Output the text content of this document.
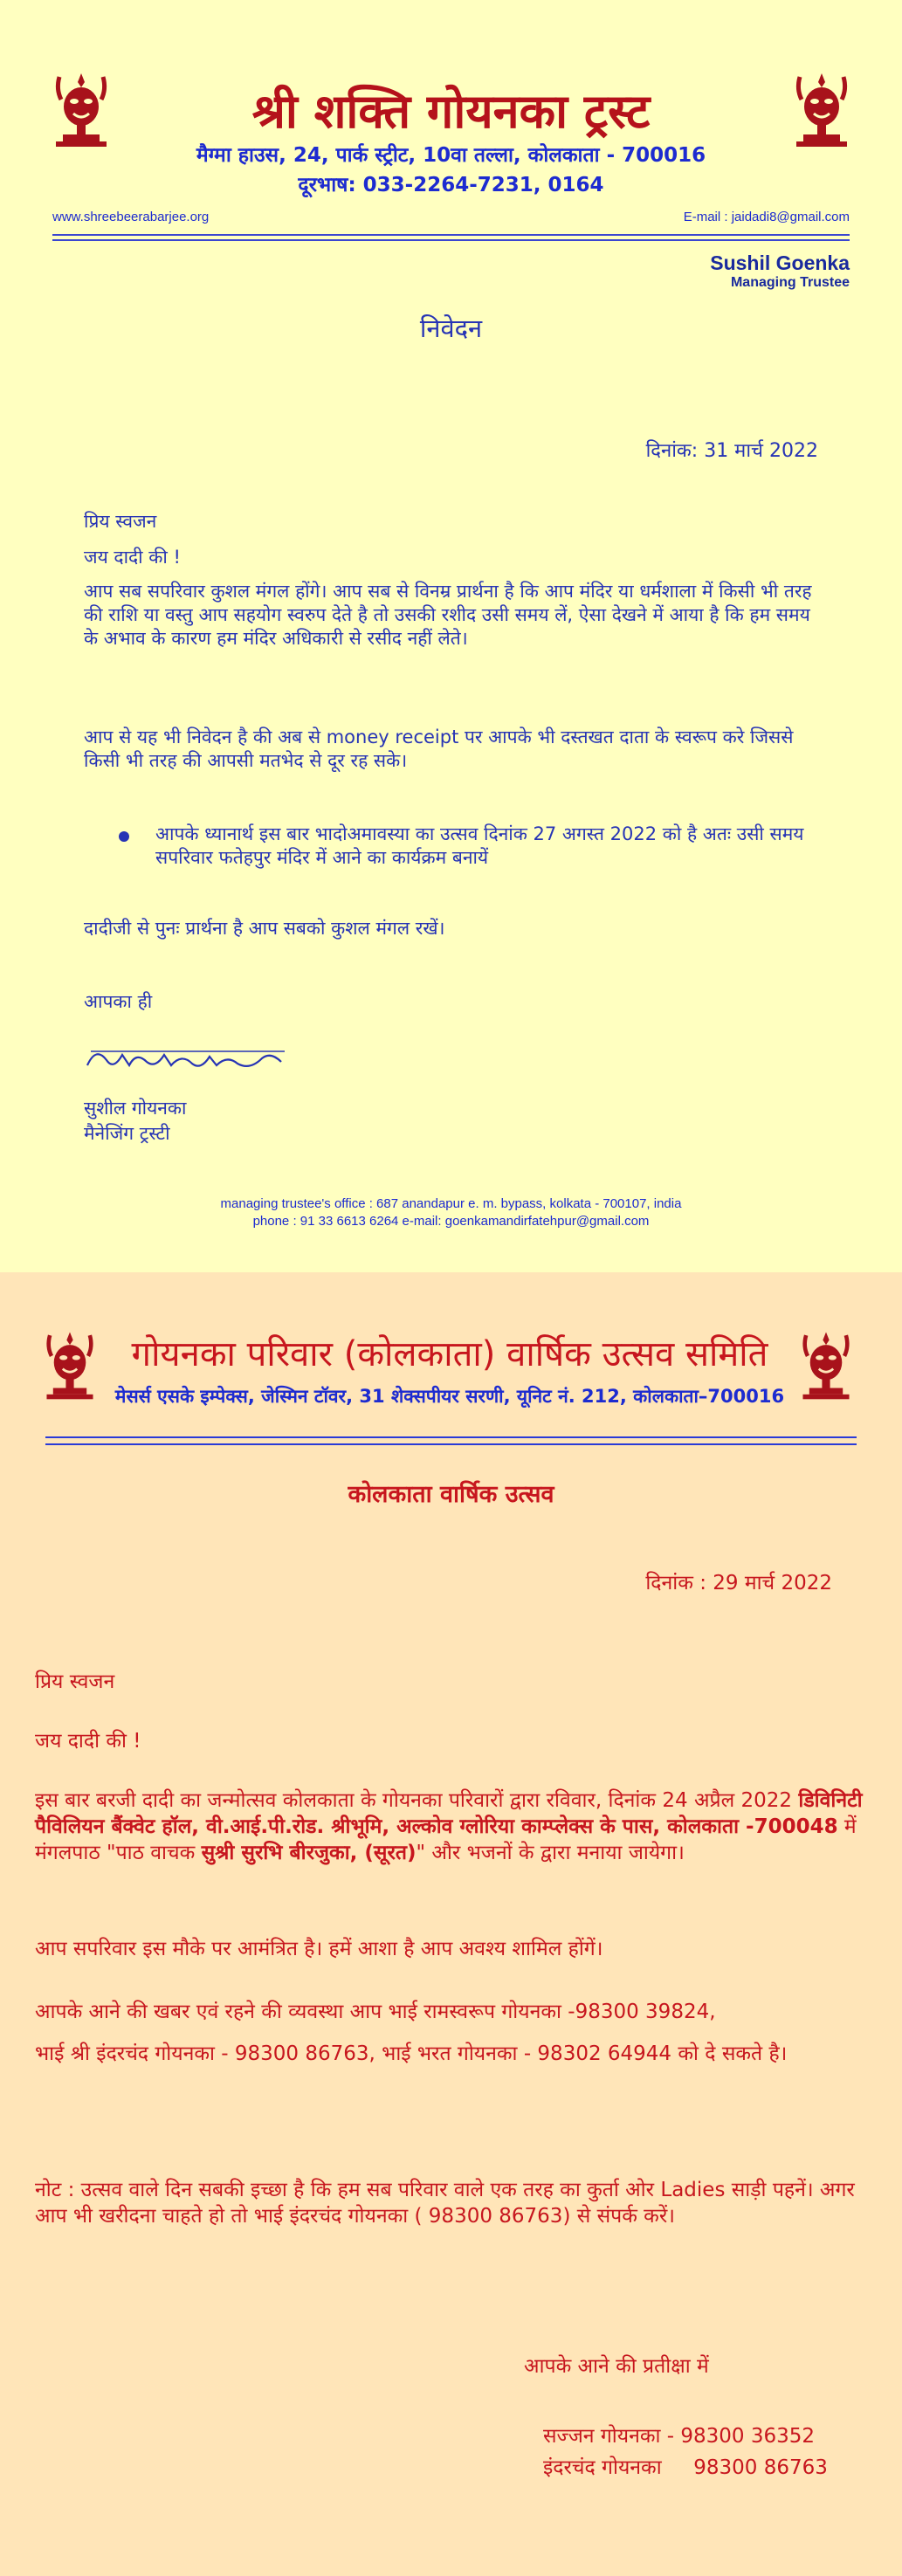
श्री शक्ति गोयनका ट्रस्ट
मैग्मा हाउस, 24, पार्क स्ट्रीट, 10वा तल्ला, कोलकाता - 700016
दूरभाष: 033-2264-7231, 0164
www.shreebeerabarjee.org	E-mail : jaidadi8@gmail.com
Sushil Goenka
Managing Trustee
निवेदन
दिनांक: 31 मार्च 2022
प्रिय स्वजन
जय दादी की !
आप सब सपरिवार कुशल मंगल होंगे। आप सब से विनम्र प्रार्थना है कि आप मंदिर या धर्मशाला में किसी भी तरह की राशि या वस्तु आप सहयोग स्वरुप देते है तो उसकी रशीद उसी समय लें, ऐसा देखने में आया है कि हम समय के अभाव के कारण हम मंदिर अधिकारी से रसीद नहीं लेते।
आप से यह भी निवेदन है की अब से money receipt पर आपके भी दस्तखत दाता के स्वरूप करे जिससे किसी भी तरह की आपसी मतभेद से दूर रह सके।
आपके ध्यानार्थ इस बार भादोअमावस्या का उत्सव दिनांक 27 अगस्त 2022 को है अतः उसी समय सपरिवार फतेहपुर मंदिर में आने का कार्यक्रम बनायें
दादीजी से पुनः प्रार्थना है आप सबको कुशल मंगल रखें।
आपका ही
सुशील गोयनका
मैनेजिंग ट्रस्टी
managing trustee's office : 687 anandapur e. m. bypass, kolkata - 700107, india
phone : 91 33 6613 6264 e-mail: goenkamandirfatehpur@gmail.com
गोयनका परिवार (कोलकाता) वार्षिक उत्सव समिति
मेसर्स एसके इम्पेक्स, जेस्मिन टॉवर, 31 शेक्सपीयर सरणी, यूनिट नं. 212, कोलकाता–700016
कोलकाता वार्षिक उत्सव
दिनांक : 29 मार्च 2022
प्रिय स्वजन
जय दादी की !
इस बार बरजी दादी का जन्मोत्सव कोलकाता के गोयनका परिवारों द्वारा रविवार, दिनांक 24 अप्रैल 2022 डिविनिटी पैविलियन बैंक्वेट हॉल, वी.आई.पी.रोड. श्रीभूमि, अल्कोव ग्लोरिया काम्प्लेक्स के पास, कोलकाता -700048 में मंगलपाठ "पाठ वाचक सुश्री सुरभि बीरजुका, (सूरत)" और भजनों के द्वारा मनाया जायेगा।
आप सपरिवार इस मौके पर आमंत्रित है। हमें आशा है आप अवश्य शामिल होंगें।
आपके आने की खबर एवं रहने की व्यवस्था आप भाई रामस्वरूप गोयनका -98300 39824,
भाई श्री इंदरचंद गोयनका - 98300 86763, भाई भरत गोयनका - 98302 64944 को दे सकते है।
नोट : उत्सव वाले दिन सबकी इच्छा है कि हम सब परिवार वाले एक तरह का कुर्ता ओर Ladies साड़ी पहनें। अगर आप भी खरीदना चाहते हो तो भाई इंदरचंद गोयनका ( 98300 86763) से संपर्क करें।
आपके आने की प्रतीक्षा में
सज्जन गोयनका - 98300 36352
इंदरचंद गोयनका     98300 86763
